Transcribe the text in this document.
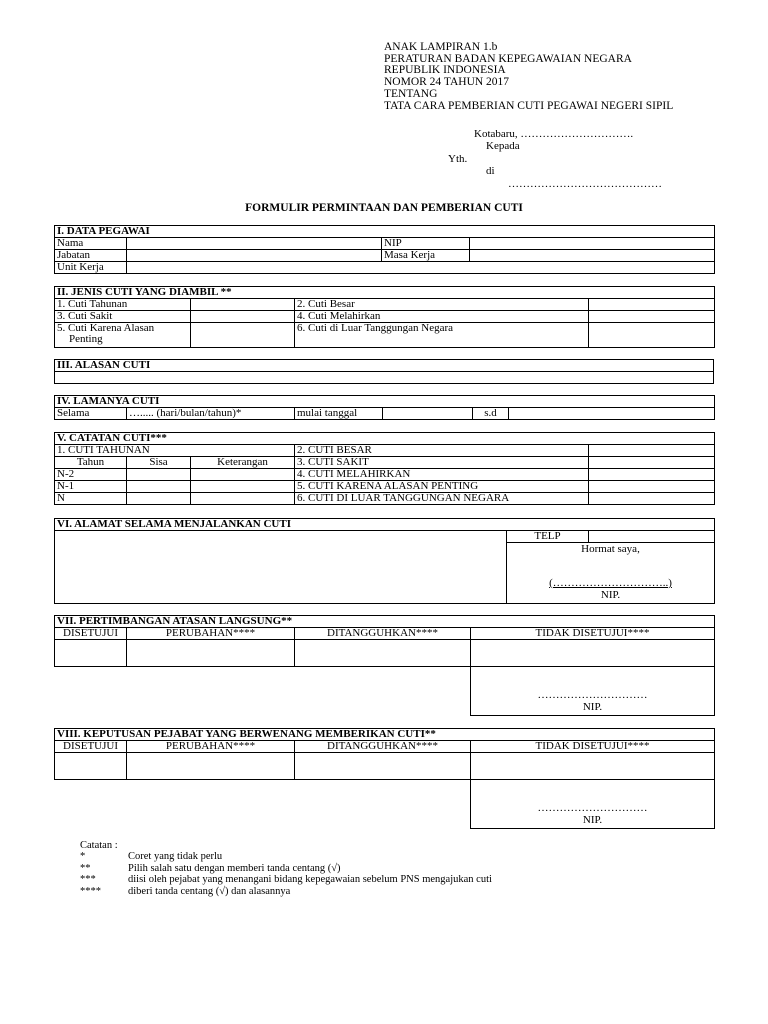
ANAK LAMPIRAN 1.b
PERATURAN BADAN KEPEGAWAIAN NEGARA
REPUBLIK INDONESIA
NOMOR 24 TAHUN 2017
TENTANG
TATA CARA PEMBERIAN CUTI PEGAWAI NEGERI SIPIL
Kotabaru, ………………………….
Kepada
Yth.
di
……………………………………
FORMULIR PERMINTAAN DAN PEMBERIAN CUTI
I. DATA PEGAWAI			
Nama		NIP	
Jabatan		Masa Kerja	
Unit Kerja			
II. JENIS CUTI YANG DIAMBIL **			
1. Cuti Tahunan		2. Cuti Besar	
3. Cuti Sakit		4. Cuti Melahirkan	
5. Cuti Karena Alasan
Penting		6. Cuti di Luar Tanggungan Negara	
III. ALASAN CUTI

IV. LAMANYA CUTI
Selama	…..... (hari/bulan/tahun)*	mulai tanggal		s.d	
V. CATATAN CUTI***				
1. CUTI TAHUNAN			2. CUTI BESAR	
Tahun	Sisa	Keterangan	3. CUTI SAKIT	
N-2			4. CUTI MELAHIRKAN	
N-1			5. CUTI KARENA ALASAN PENTING	
N			6. CUTI DI LUAR TANGGUNGAN NEGARA	
VI. ALAMAT SELAMA MENJALANKAN CUTI
	TELP	

Hormat saya,
(…………………………..)
NIP.
VII. PERTIMBANGAN ATASAN LANGSUNG**			
DISETUJUI	PERUBAHAN****	DITANGGUHKAN****	TIDAK DISETUJUI****

			…………………………
NIP.
VIII. KEPUTUSAN PEJABAT YANG BERWENANG MEMBERIKAN CUTI**			
DISETUJUI	PERUBAHAN****	DITANGGUHKAN****	TIDAK DISETUJUI****

			…………………………
NIP.
Catatan :
*	Coret yang tidak perlu
**	Pilih salah satu dengan memberi tanda centang (√)
***	diisi oleh pejabat yang menangani bidang kepegawaian sebelum PNS mengajukan cuti
****	diberi tanda centang (√) dan alasannya
